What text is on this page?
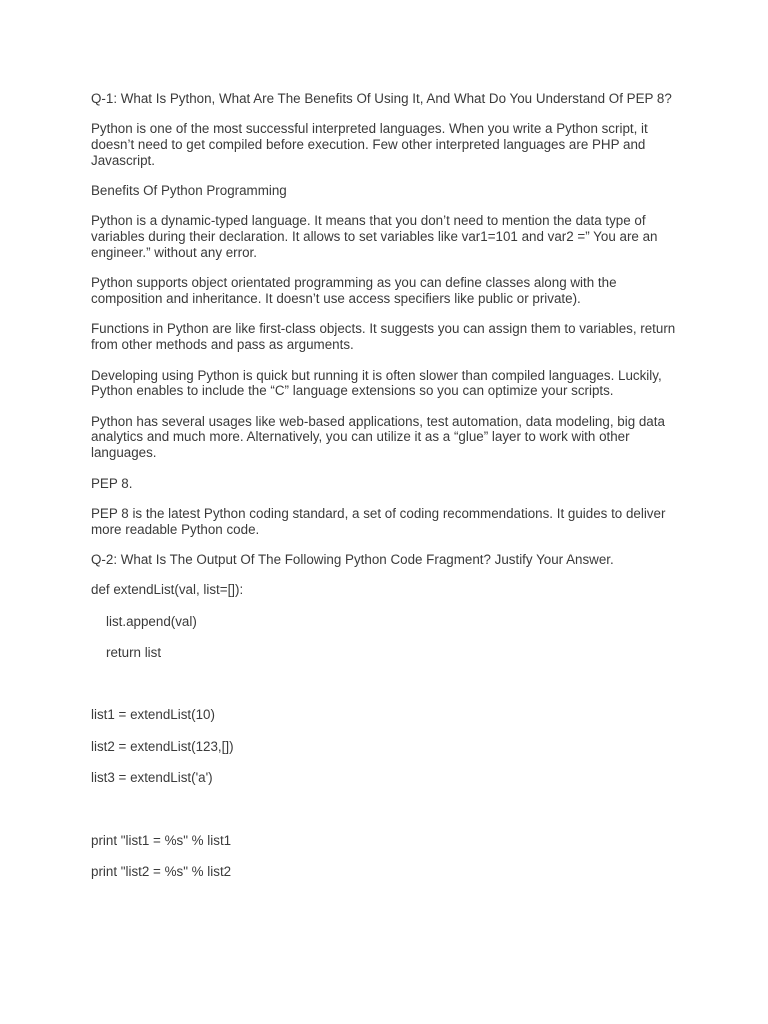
Q-1: What Is Python, What Are The Benefits Of Using It, And What Do You Understand Of PEP 8?

Python is one of the most successful interpreted languages. When you write a Python script, it doesn’t need to get compiled before execution. Few other interpreted languages are PHP and Javascript.

Benefits Of Python Programming

Python is a dynamic-typed language. It means that you don’t need to mention the data type of variables during their declaration. It allows to set variables like var1=101 and var2 =” You are an engineer.” without any error.

Python supports object orientated programming as you can define classes along with the composition and inheritance. It doesn’t use access specifiers like public or private).

Functions in Python are like first-class objects. It suggests you can assign them to variables, return from other methods and pass as arguments.

Developing using Python is quick but running it is often slower than compiled languages. Luckily, Python enables to include the “C” language extensions so you can optimize your scripts.

Python has several usages like web-based applications, test automation, data modeling, big data analytics and much more. Alternatively, you can utilize it as a “glue” layer to work with other languages.

PEP 8.

PEP 8 is the latest Python coding standard, a set of coding recommendations. It guides to deliver more readable Python code.

Q-2: What Is The Output Of The Following Python Code Fragment? Justify Your Answer.

def extendList(val, list=[]):

list.append(val)

return list

list1 = extendList(10)

list2 = extendList(123,[])

list3 = extendList('a')

print "list1 = %s" % list1

print "list2 = %s" % list2
